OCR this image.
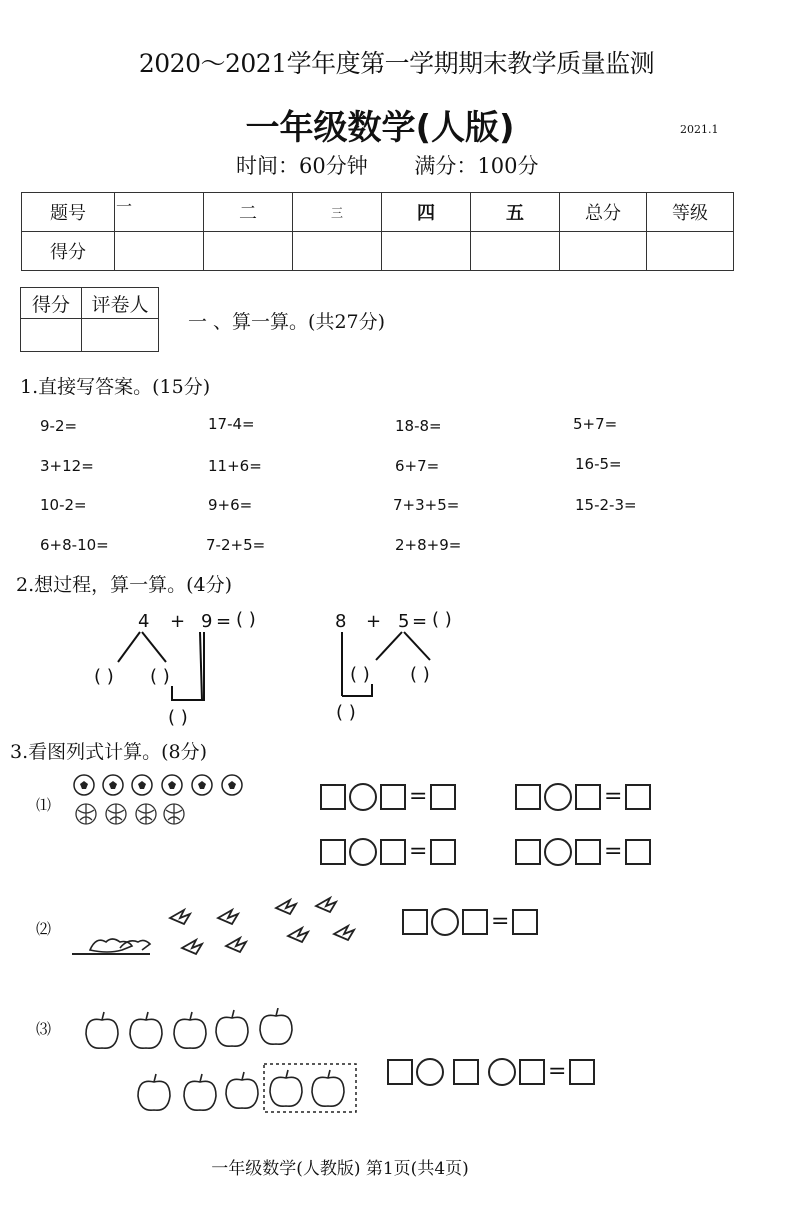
2020～2021学年度第一学期期末教学质量监测
一年级数学(人版)	2021.1
时间：60分钟 满分：100分
题号	一	二	三	四	五	总分	等级
得分							
得分	评卷人

一 、算一算。(共27分)
1.直接写答案。(15分)
9-2=	17-4=	18-8=	5+7=
3+12=	11+6=	6+7=	16-5=
10-2=	9+6=	7+3+5=	15-2-3=
6+8-10=	7-2+5=	2+8+9=
2.想过程，算一算。(4分)
4 + 9 = ( )
( ) ( )
( )
8 + 5 = ( )
( ) ( )
( )
3.看图列式计算。(8分)
⑴	=	=
=	=
⑵	=
⑶
=
一年级数学(人教版) 第1页(共4页)
